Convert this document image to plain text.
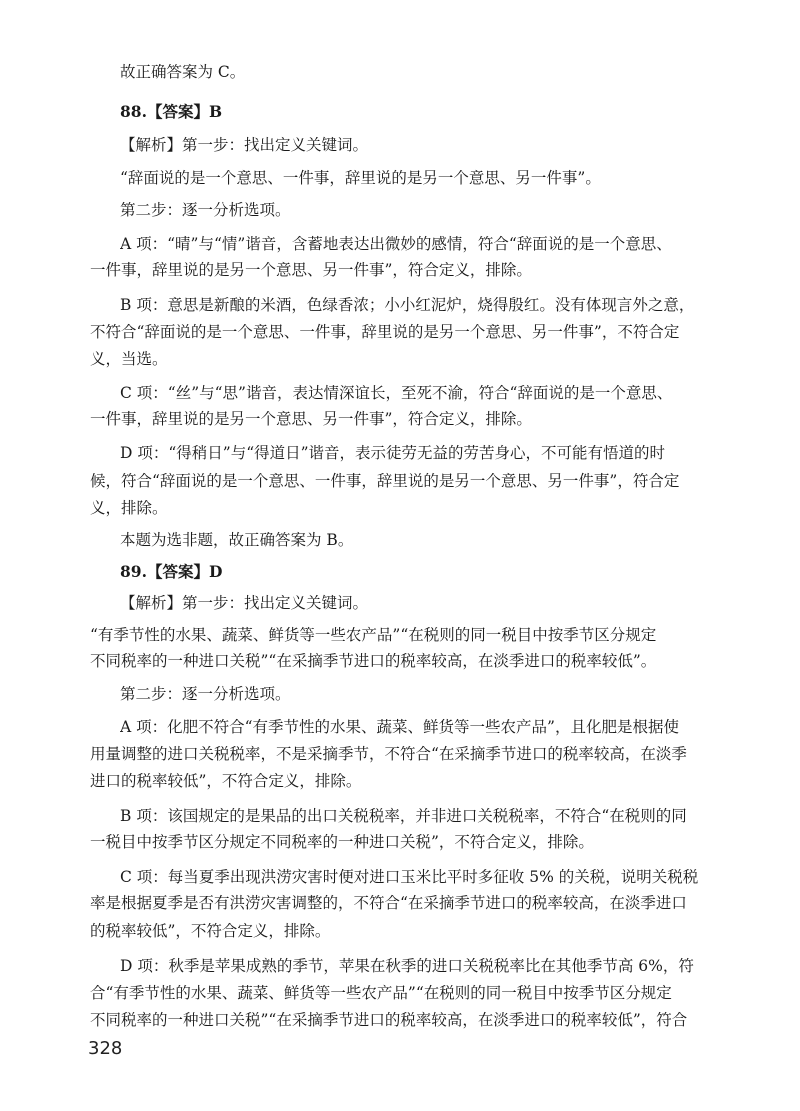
故正确答案为 C。
88.【答案】B
【解析】第一步：找出定义关键词。
“辞面说的是一个意思、一件事，辞里说的是另一个意思、另一件事”。
第二步：逐一分析选项。
A 项：“晴”与“情”谐音，含蓄地表达出微妙的感情，符合“辞面说的是一个意思、
一件事，辞里说的是另一个意思、另一件事”，符合定义，排除。
B 项：意思是新酿的米酒，色绿香浓；小小红泥炉，烧得殷红。没有体现言外之意，
不符合“辞面说的是一个意思、一件事，辞里说的是另一个意思、另一件事”，不符合定
义，当选。
C 项：“丝”与“思”谐音，表达情深谊长，至死不渝，符合“辞面说的是一个意思、
一件事，辞里说的是另一个意思、另一件事”，符合定义，排除。
D 项：“得稍日”与“得道日”谐音，表示徒劳无益的劳苦身心，不可能有悟道的时
候，符合“辞面说的是一个意思、一件事，辞里说的是另一个意思、另一件事”，符合定
义，排除。
本题为选非题，故正确答案为 B。
89.【答案】D
【解析】第一步：找出定义关键词。
“有季节性的水果、蔬菜、鲜货等一些农产品”“在税则的同一税目中按季节区分规定
不同税率的一种进口关税”“在采摘季节进口的税率较高，在淡季进口的税率较低”。
第二步：逐一分析选项。
A 项：化肥不符合“有季节性的水果、蔬菜、鲜货等一些农产品”，且化肥是根据使
用量调整的进口关税税率，不是采摘季节，不符合“在采摘季节进口的税率较高，在淡季
进口的税率较低”，不符合定义，排除。
B 项：该国规定的是果品的出口关税税率，并非进口关税税率，不符合“在税则的同
一税目中按季节区分规定不同税率的一种进口关税”，不符合定义，排除。
C 项：每当夏季出现洪涝灾害时便对进口玉米比平时多征收 5% 的关税，说明关税税
率是根据夏季是否有洪涝灾害调整的，不符合“在采摘季节进口的税率较高，在淡季进口
的税率较低”，不符合定义，排除。
D 项：秋季是苹果成熟的季节，苹果在秋季的进口关税税率比在其他季节高 6%，符
合“有季节性的水果、蔬菜、鲜货等一些农产品”“在税则的同一税目中按季节区分规定
不同税率的一种进口关税”“在采摘季节进口的税率较高，在淡季进口的税率较低”，符合
328
